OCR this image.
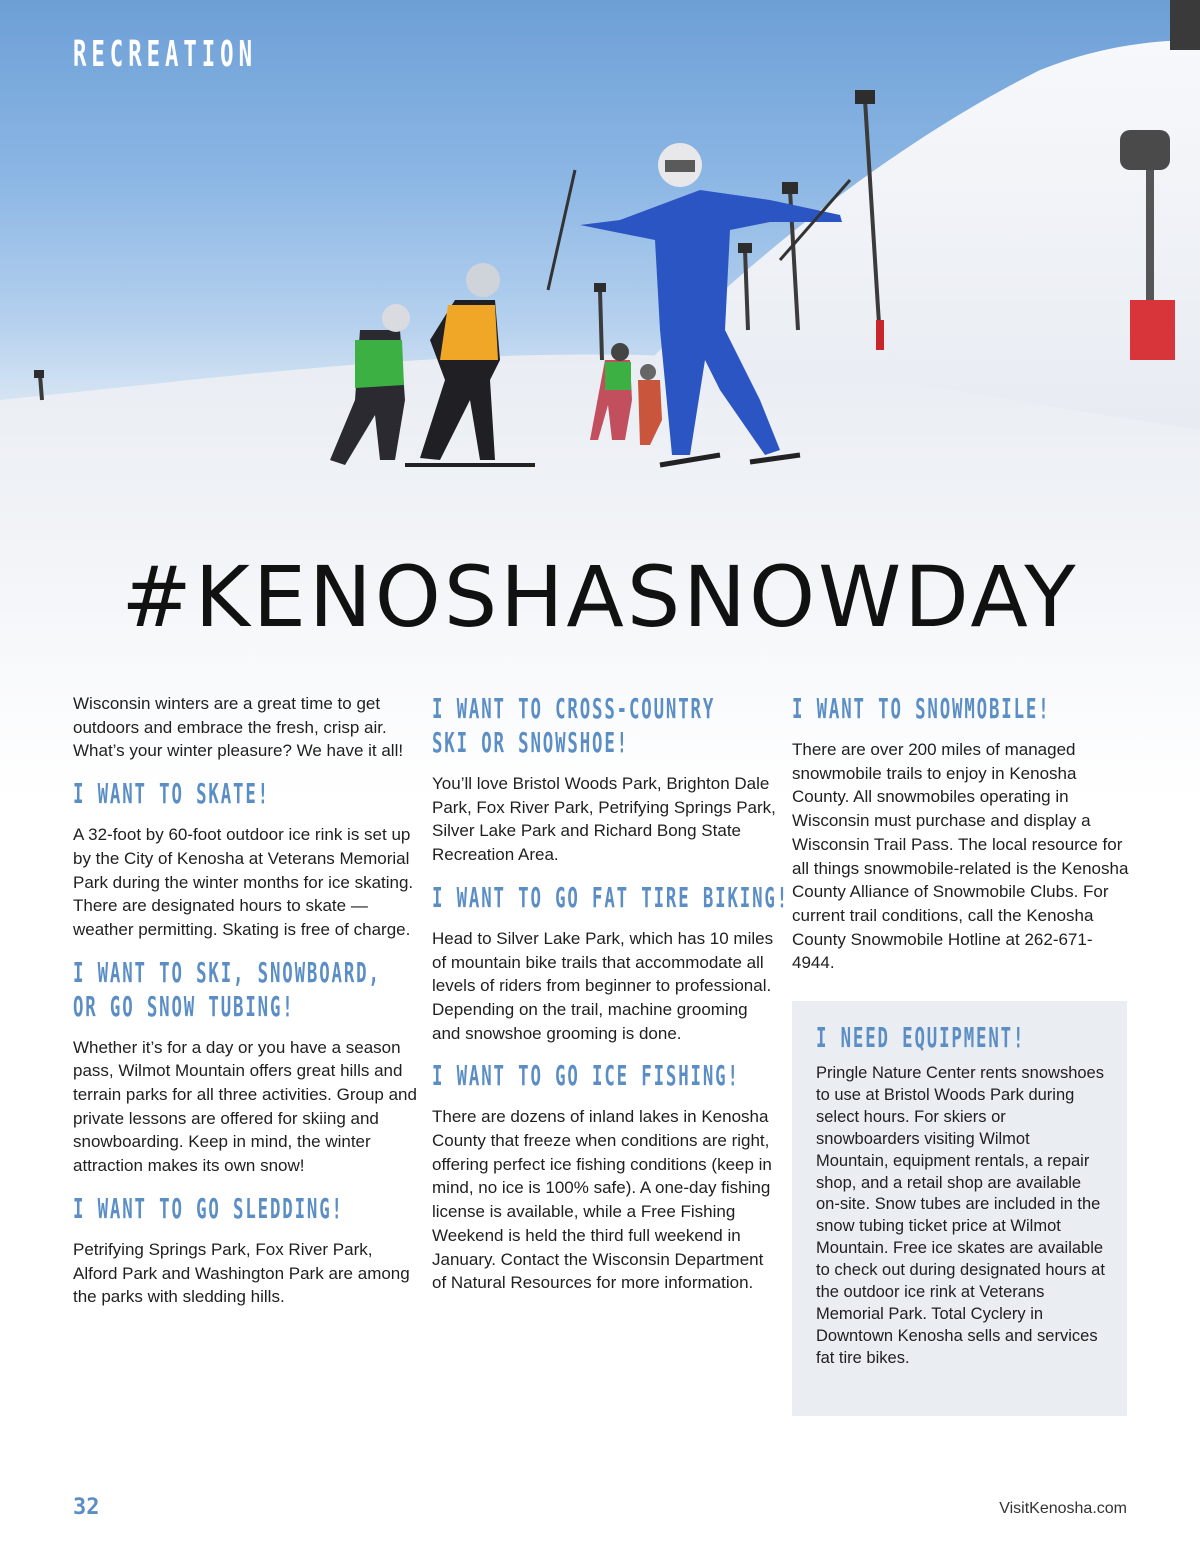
RECREATION
#KENOSHASNOWDAY

Wisconsin winters are a great time to get outdoors and embrace the fresh, crisp air. What’s your winter pleasure? We have it all!

I WANT TO SKATE!

A 32-foot by 60-foot outdoor ice rink is set up by the City of Kenosha at Veterans Memorial Park during the winter months for ice skating. There are designated hours to skate — weather permitting. Skating is free of charge.

I WANT TO SKI, SNOWBOARD,
OR GO SNOW TUBING!

Whether it’s for a day or you have a season pass, Wilmot Mountain offers great hills and terrain parks for all three activities. Group and private lessons are offered for skiing and snowboarding. Keep in mind, the winter attraction makes its own snow!

I WANT TO GO SLEDDING!

Petrifying Springs Park, Fox River Park, Alford Park and Washington Park are among the parks with sledding hills.

I WANT TO CROSS-COUNTRY
SKI OR SNOWSHOE!

You’ll love Bristol Woods Park, Brighton Dale Park, Fox River Park, Petrifying Springs Park, Silver Lake Park and Richard Bong State Recreation Area.

I WANT TO GO FAT TIRE BIKING!

Head to Silver Lake Park, which has 10 miles of mountain bike trails that accommodate all levels of riders from beginner to professional. Depending on the trail, machine grooming and snowshoe grooming is done.

I WANT TO GO ICE FISHING!

There are dozens of inland lakes in Kenosha County that freeze when conditions are right, offering perfect ice fishing conditions (keep in mind, no ice is 100% safe). A one-day fishing license is available, while a Free Fishing Weekend is held the third full weekend in January. Contact the Wisconsin Department of Natural Resources for more information.

I WANT TO SNOWMOBILE!

There are over 200 miles of managed snowmobile trails to enjoy in Kenosha County. All snowmobiles operating in Wisconsin must purchase and display a Wisconsin Trail Pass. The local resource for all things snowmobile-related is the Kenosha County Alliance of Snowmobile Clubs. For current trail conditions, call the Kenosha County Snowmobile Hotline at 262-671-4944.

I NEED EQUIPMENT!

Pringle Nature Center rents snowshoes to use at Bristol Woods Park during select hours. For skiers or snowboarders visiting Wilmot Mountain, equipment rentals, a repair shop, and a retail shop are available on-site. Snow tubes are included in the snow tubing ticket price at Wilmot Mountain. Free ice skates are available to check out during designated hours at the outdoor ice rink at Veterans Memorial Park. Total Cyclery in Downtown Kenosha sells and services fat tire bikes.

32	VisitKenosha.com
